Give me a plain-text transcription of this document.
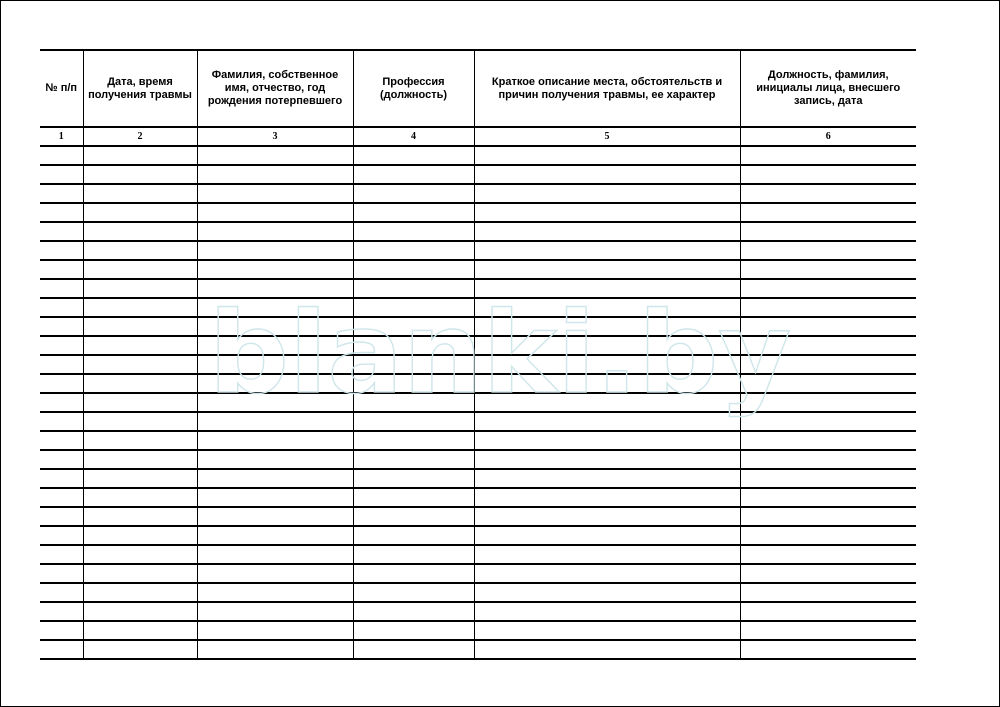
№ п/п	Дата, время получения травмы	Фамилия, собственное имя, отчество, год рождения потерпевшего	Профессия (должность)	Краткое описание места, обстоятельств и причин получения травмы, ее характер	Должность, фамилия, инициалы лица, внесшего запись, дата
1	2	3	4	5	6

blanki.by
